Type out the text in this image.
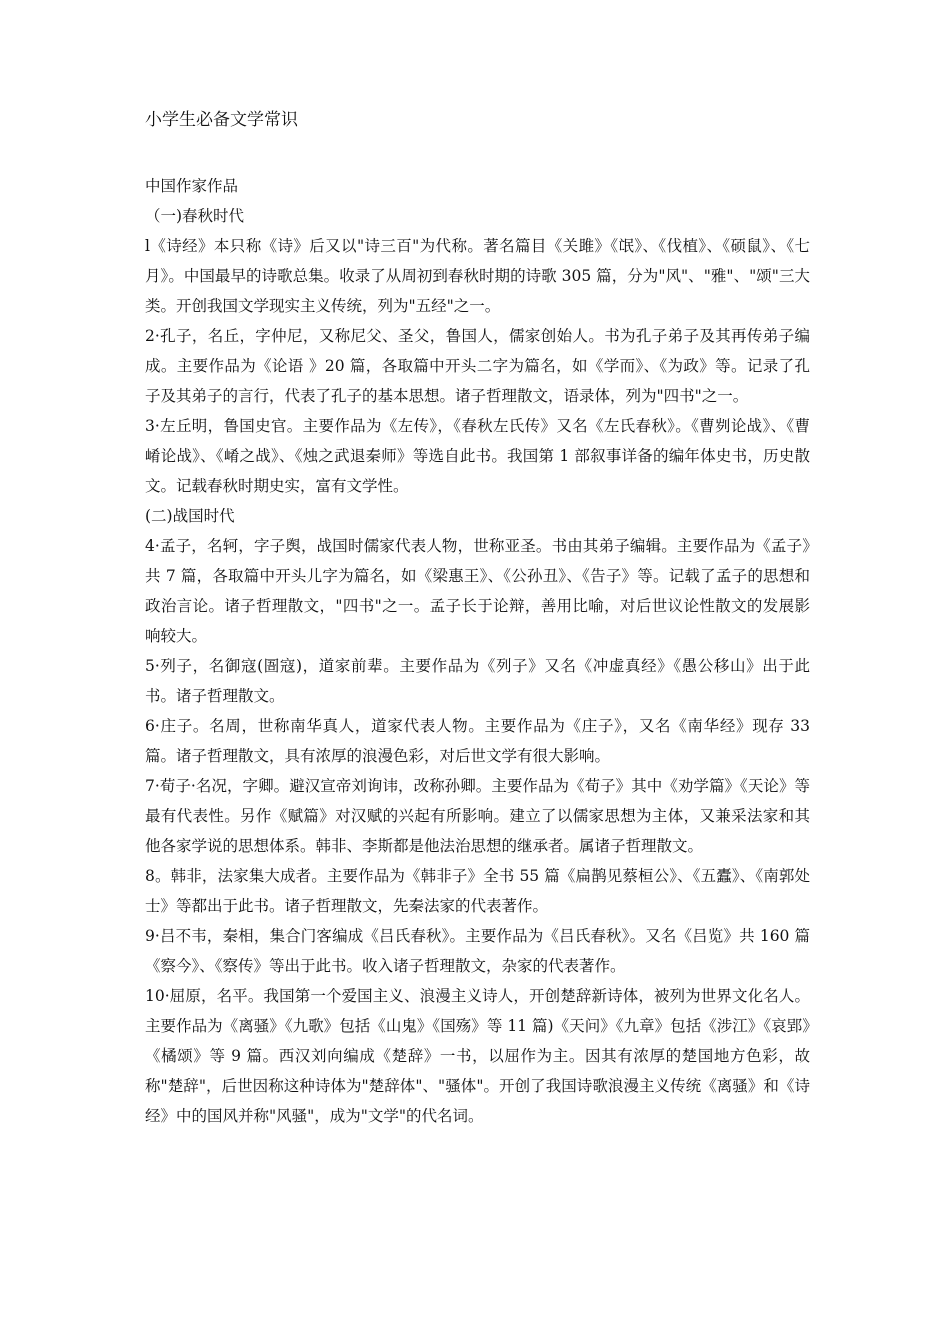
小学生必备文学常识
中国作家作品
（一)春秋时代

l《诗经》本只称《诗》后又以"诗三百"为代称。著名篇目《关雎》《氓》、《伐植》、《硕鼠》、《七月》。中国最早的诗歌总集。收录了从周初到春秋时期的诗歌 305 篇，分为"风"、"雅"、"颂"三大类。开创我国文学现实主义传统，列为"五经"之一。

2·孔子，名丘，字仲尼，又称尼父、圣父，鲁国人，儒家创始人。书为孔子弟子及其再传弟子编成。主要作品为《论语 》20 篇，各取篇中开头二字为篇名，如《学而》、《为政》等。记录了孔子及其弟子的言行，代表了孔子的基本思想。诸子哲理散文，语录体，列为"四书"之一。

3·左丘明，鲁国史官。主要作品为《左传》，《春秋左氏传》又名《左氏春秋》。《曹刿论战》、《曹崤论战》、《崤之战》、《烛之武退秦师》等选自此书。我国第 1 部叙事详备的编年体史书，历史散文。记载春秋时期史实，富有文学性。

(二)战国时代

4·孟子，名轲，字子舆，战国时儒家代表人物，世称亚圣。书由其弟子编辑。主要作品为《孟子》共 7 篇，各取篇中开头儿字为篇名，如《梁惠王》、《公孙丑》、《告子》等。记载了孟子的思想和政治言论。诸子哲理散文，"四书"之一。孟子长于论辩，善用比喻，对后世议论性散文的发展影响较大。

5·列子，名御寇(圄寇)，道家前辈。主要作品为《列子》又名《冲虚真经》《愚公移山》出于此书。诸子哲理散文。

6·庄子。名周，世称南华真人，道家代表人物。主要作品为《庄子》，又名《南华经》现存 33 篇。诸子哲理散文，具有浓厚的浪漫色彩，对后世文学有很大影响。

7·荀子·名况，字卿。避汉宣帝刘询讳，改称孙卿。主要作品为《荀子》其中《劝学篇》《天论》等最有代表性。另作《赋篇》对汉赋的兴起有所影响。建立了以儒家思想为主体，又兼采法家和其他各家学说的思想体系。韩非、李斯都是他法治思想的继承者。属诸子哲理散文。

8。韩非，法家集大成者。主要作品为《韩非子》全书 55 篇《扁鹊见蔡桓公》、《五蠹》、《南郭处士》等都出于此书。诸子哲理散文，先秦法家的代表著作。

9·吕不韦，秦相，集合门客编成《吕氏春秋》。主要作品为《吕氏春秋》。又名《吕览》共 160 篇《察今》、《察传》等出于此书。收入诸子哲理散文，杂家的代表著作。

10·屈原，名平。我国第一个爱国主义、浪漫主义诗人，开创楚辞新诗体，被列为世界文化名人。主要作品为《离骚》《九歌》包括《山鬼》《国殇》等 11 篇)《天问》《九章》包括《涉江》《哀郢》《橘颂》等 9 篇。西汉刘向编成《楚辞》一书，以屈作为主。因其有浓厚的楚国地方色彩，故称"楚辞"，后世因称这种诗体为"楚辞体"、"骚体"。开创了我国诗歌浪漫主义传统《离骚》和《诗经》中的国风并称"风骚"，成为"文学"的代名词。
